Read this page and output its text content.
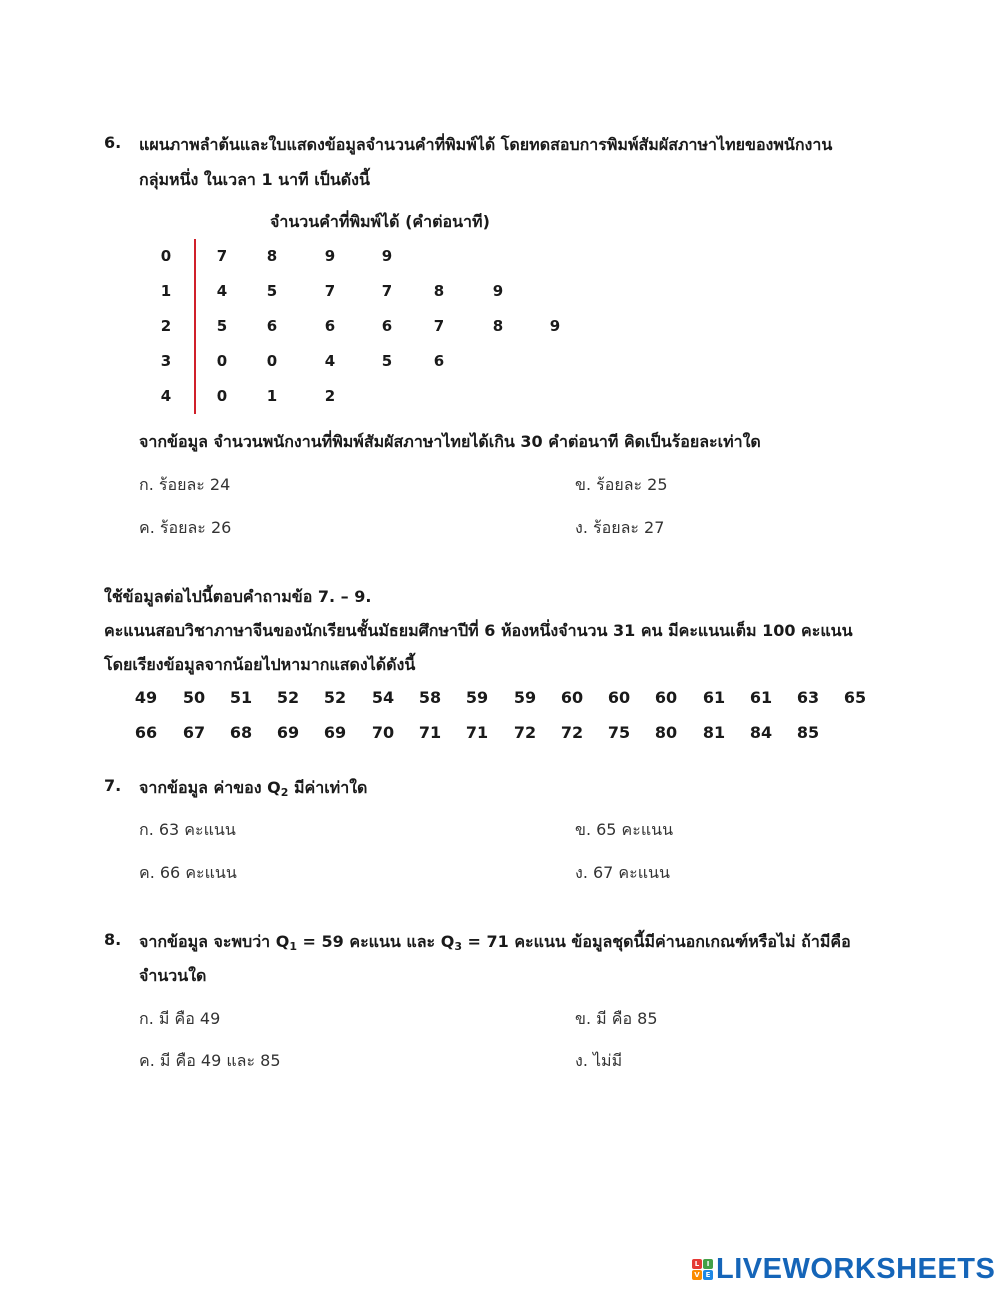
6. แผนภาพลำต้นและใบแสดงข้อมูลจำนวนคำที่พิมพ์ได้ โดยทดสอบการพิมพ์สัมผัสภาษาไทยของพนักงาน
กลุ่มหนึ่ง ในเวลา 1 นาที เป็นดังนี้
จำนวนคำที่พิมพ์ได้ (คำต่อนาที)
0	7	8	9	9
1	4	5	7	7	8	9
2	5	6	6	6	7	8	9
3	0	0	4	5	6
4	0	1	2
จากข้อมูล จำนวนพนักงานที่พิมพ์สัมผัสภาษาไทยได้เกิน 30 คำต่อนาที คิดเป็นร้อยละเท่าใด
ก. ร้อยละ 24	ข. ร้อยละ 25
ค. ร้อยละ 26	ง. ร้อยละ 27
ใช้ข้อมูลต่อไปนี้ตอบคำถามข้อ 7. – 9.
คะแนนสอบวิชาภาษาจีนของนักเรียนชั้นมัธยมศึกษาปีที่ 6 ห้องหนึ่งจำนวน 31 คน มีคะแนนเต็ม 100 คะแนน
โดยเรียงข้อมูลจากน้อยไปหามากแสดงได้ดังนี้
49	50	51	52	52	54	58	59	59	60	60	60	61	61	63	65
66	67	68	69	69	70	71	71	72	72	75	80	81	84	85
7. จากข้อมูล ค่าของ $Q_2$ มีค่าเท่าใด
ก. 63 คะแนน	ข. 65 คะแนน
ค. 66 คะแนน	ง. 67 คะแนน
8. จากข้อมูล จะพบว่า $Q_1 = 59$ คะแนน และ $Q_3 = 71$ คะแนน ข้อมูลชุดนี้มีค่านอกเกณฑ์หรือไม่ ถ้ามีคือ
จำนวนใด
ก. มี คือ 49	ข. มี คือ 85
ค. มี คือ 49 และ 85	ง. ไม่มี
L	I
V E LIVEWORKSHEETS
